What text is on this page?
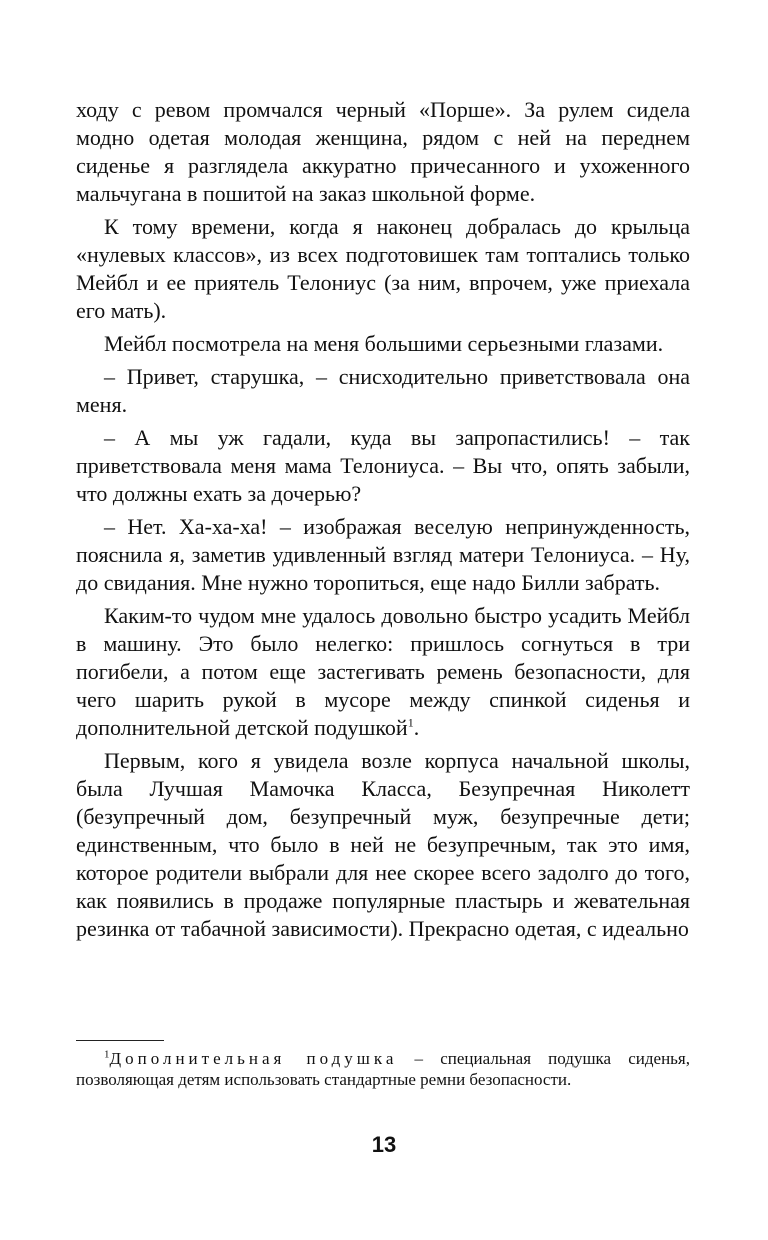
ходу с ревом промчался черный «Порше». За рулем сидела модно одетая молодая женщина, рядом с ней на переднем сиденье я разглядела аккуратно причесанного и ухоженного мальчугана в пошитой на заказ школьной форме.

К тому времени, когда я наконец добралась до крыльца «нулевых классов», из всех подготовишек там топтались только Мейбл и ее приятель Телониус (за ним, впрочем, уже приехала его мать).

Мейбл посмотрела на меня большими серьезными глазами.

– Привет, старушка, – снисходительно приветствовала она меня.

– А мы уж гадали, куда вы запропастились! – так приветствовала меня мама Телониуса. – Вы что, опять забыли, что должны ехать за дочерью?

– Нет. Ха-ха-ха! – изображая веселую непринужденность, пояснила я, заметив удивленный взгляд матери Телониуса. – Ну, до свидания. Мне нужно торопиться, еще надо Билли забрать.

Каким-то чудом мне удалось довольно быстро усадить Мейбл в машину. Это было нелегко: пришлось согнуться в три погибели, а потом еще застегивать ремень безопасности, для чего шарить рукой в мусоре между спинкой сиденья и дополнительной детской подушкой$^1$.

Первым, кого я увидела возле корпуса начальной школы, была Лучшая Мамочка Класса, Безупречная Николетт (безупречный дом, безупречный муж, безупречные дети; единственным, что было в ней не безупречным, так это имя, которое родители выбрали для нее скорее всего задолго до того, как появились в продаже популярные пластырь и жевательная резинка от табачной зависимости). Прекрасно одетая, с идеально

$^1$Дополнительная подушка – специальная подушка сиденья, позволяющая детям использовать стандартные ремни безопасности.

13
